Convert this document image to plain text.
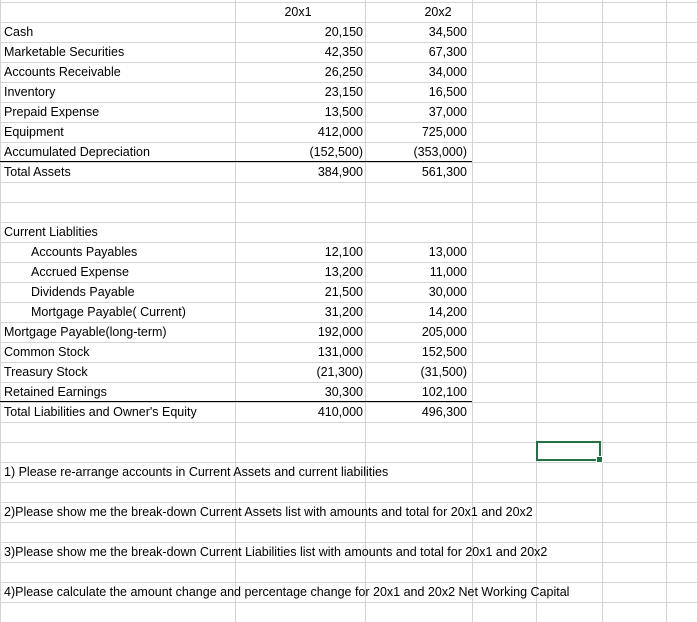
20x1	20x2
Cash	20,150	34,500
Marketable Securities	42,350	67,300
Accounts Receivable	26,250	34,000
Inventory	23,150	16,500
Prepaid Expense	13,500	37,000
Equipment	412,000	725,000
Accumulated Depreciation	(152,500)	(353,000)
Total Assets	384,900	561,300
Current Liablities
Accounts Payables	12,100	13,000
Accrued Expense	13,200	11,000
Dividends Payable	21,500	30,000
Mortgage Payable( Current)	31,200	14,200
Mortgage Payable(long-term)	192,000	205,000
Common Stock	131,000	152,500
Treasury Stock	(21,300)	(31,500)
Retained Earnings	30,300	102,100
Total Liabilities and Owner's Equity	410,000	496,300
1) Please re-arrange accounts in Current Assets and current liabilities
2)Please show me the break-down Current Assets list with amounts and total for 20x1 and 20x2
3)Please show me the break-down Current Liabilities list with amounts and total for 20x1 and 20x2
4)Please calculate the amount change and percentage change for 20x1 and 20x2 Net Working Capital
